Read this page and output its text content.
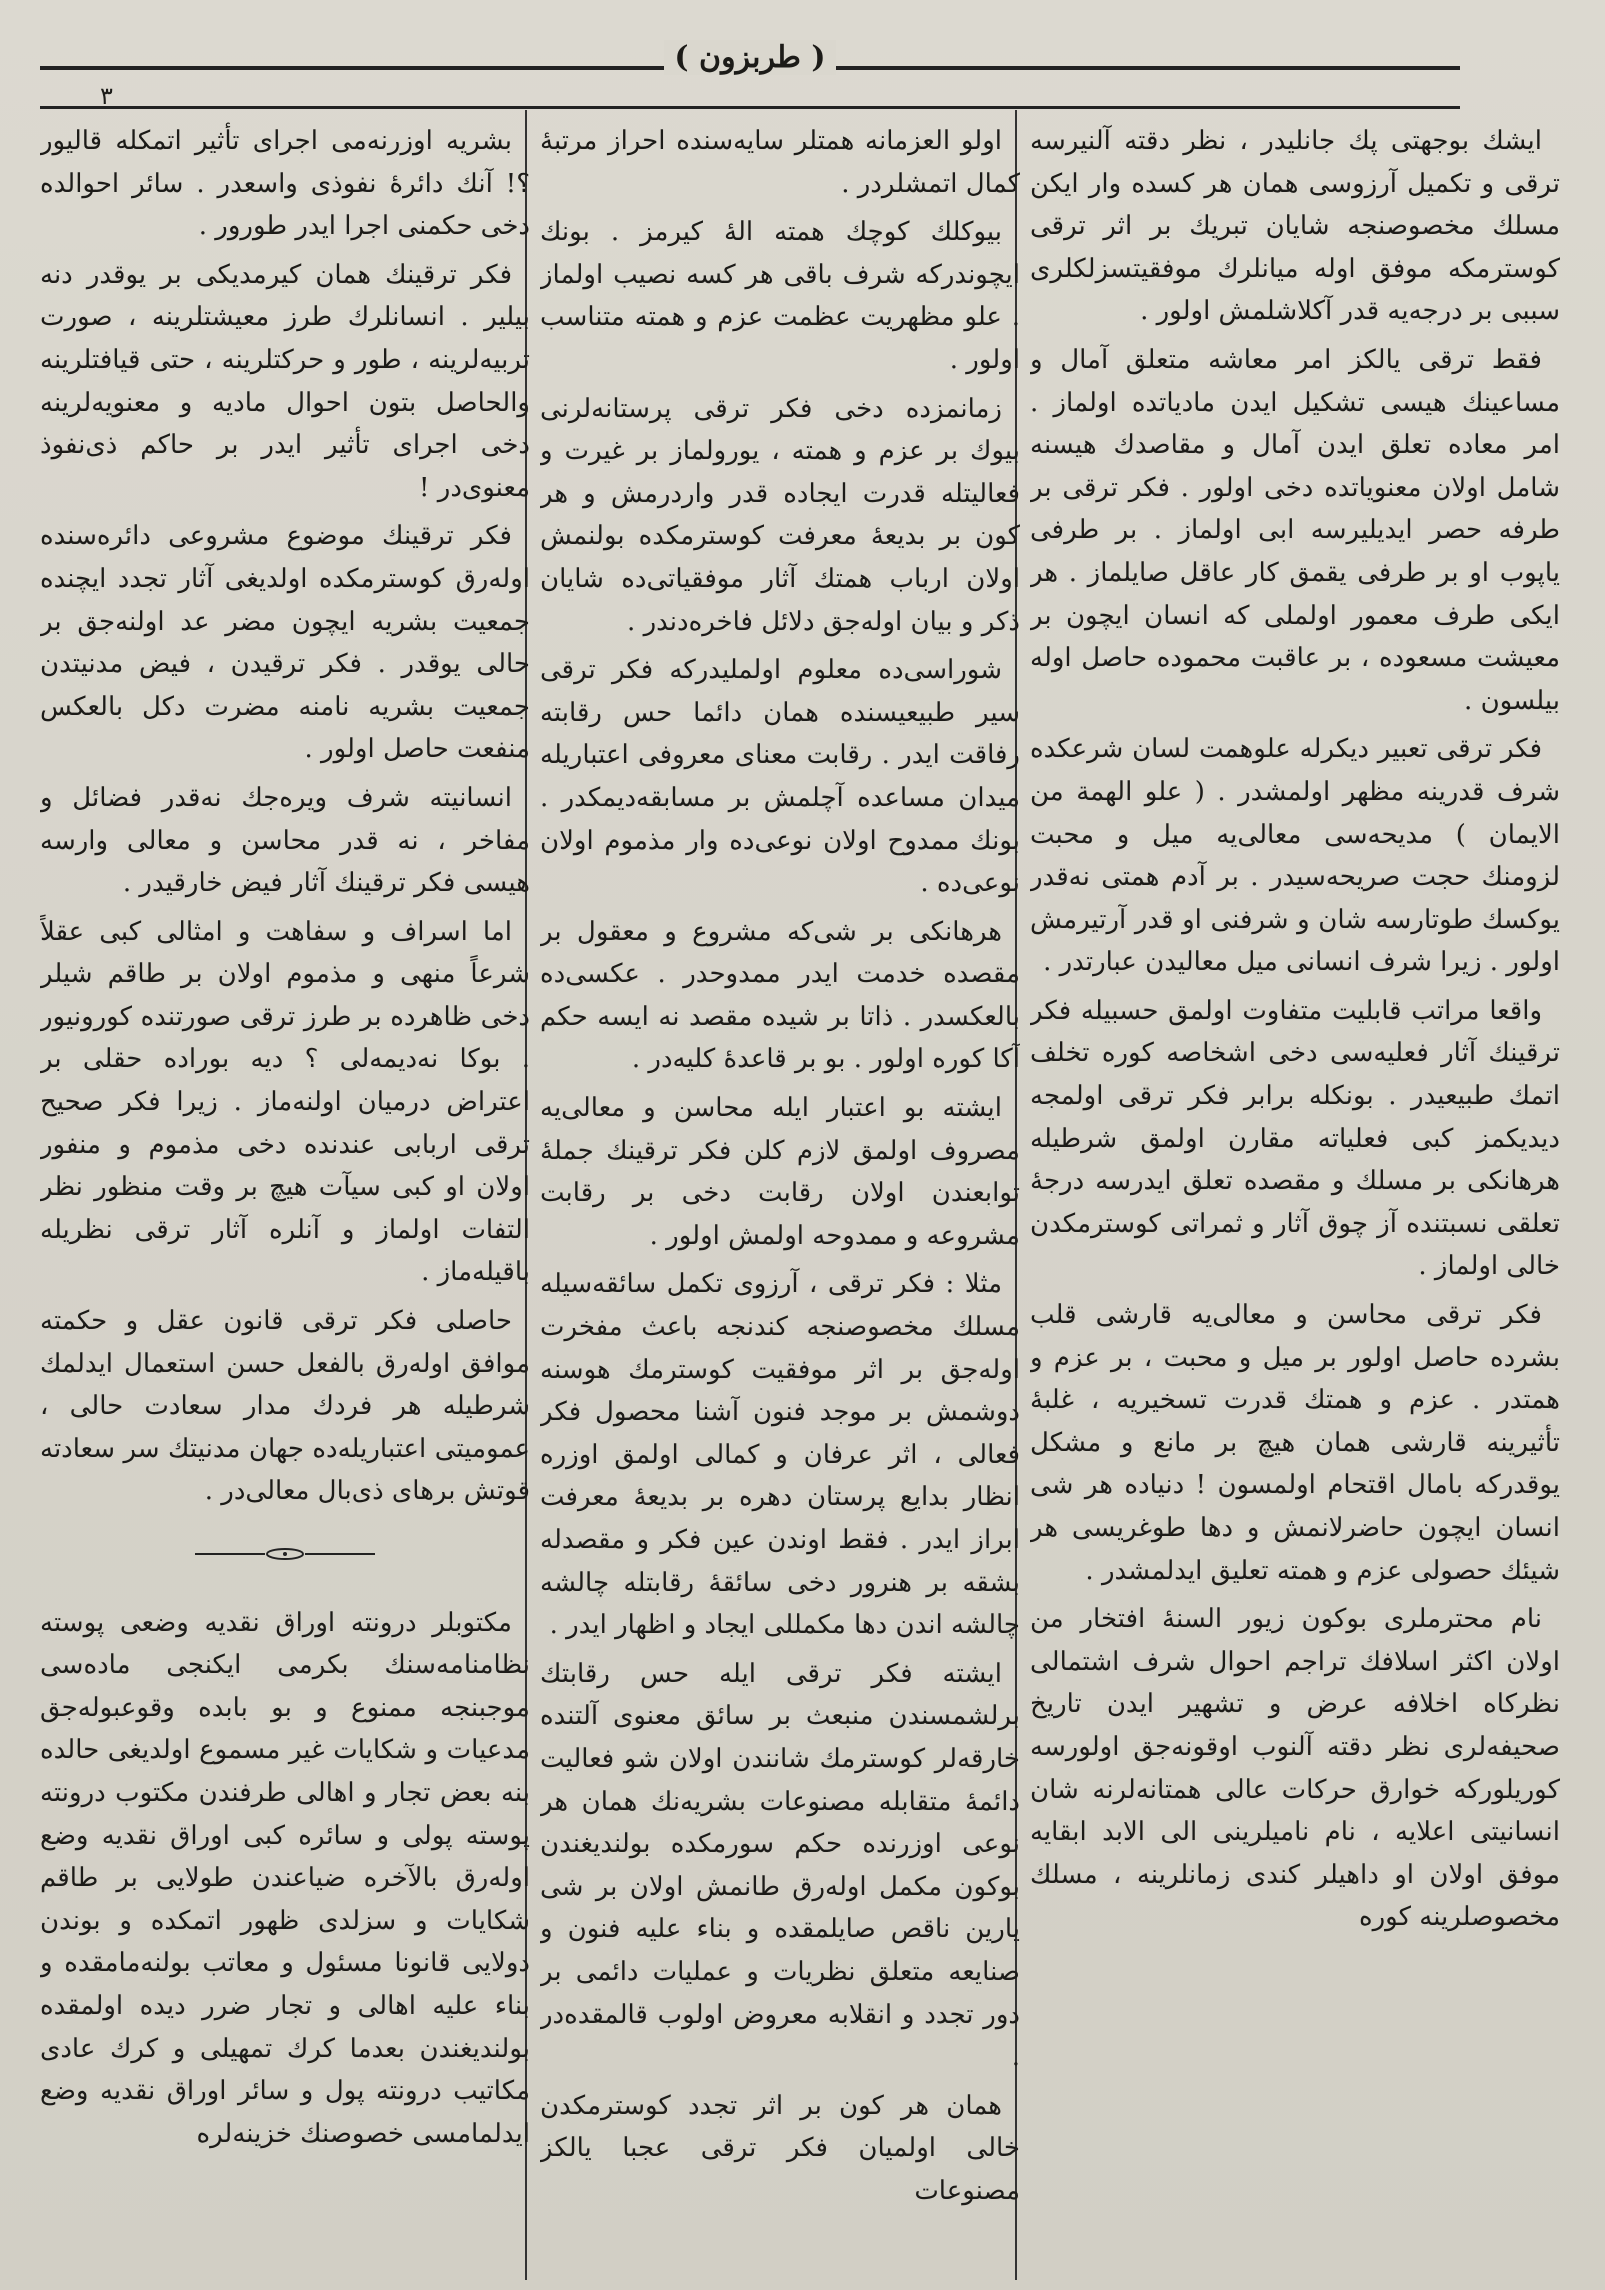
( طربزون )
٣

ایشك بوجهتی پك جانلیدر ، نظر دقته آلنیرسه ترقی و تكمیل آرزوسی همان هر كسده وار ایكن مسلك مخصوصنجه شایان تبریك بر اثر ترقی كوسترمكه موفق اوله میانلرك موفقیتسزلكلری سببی بر درجه‌یه قدر آكلاشلمش اولور .

فقط ترقی یالكز امر معاشه متعلق آمال و مساعینك هیسی تشكیل ایدن مادیاتده اولماز . امر معاده تعلق ایدن آمال و مقاصدك هیسنه شامل اولان معنویاتده دخی اولور . فكر ترقی بر طرفه حصر ایدیلیرسه ابی اولماز . بر طرفی یاپوب او بر طرفی یقمق كار عاقل صایلماز . هر ایكی طرف معمور اولملی كه انسان ایچون بر معیشت مسعوده ، بر عاقبت محموده حاصل اوله بیلسون .

فكر ترقی تعبیر دیكرله علوهمت لسان شرعكده شرف قدرینه مظهر اولمشدر . ( علو الهمة من الایمان ) مدیحه‌سی معالی‌یه میل و محبت لزومنك حجت صریحه‌سیدر . بر آدم همتی نه‌قدر یوكسك طوتارسه شان و شرفنی او قدر آرتیرمش اولور . زیرا شرف انسانی میل معالیدن عبارتدر .

واقعا مراتب قابلیت متفاوت اولمق حسبیله فكر ترقینك آثار فعلیه‌سی دخی اشخاصه كوره تخلف اتمك طبیعیدر . بونكله برابر فكر ترقی اولمجه دیدیكمز كبی فعلیاته مقارن اولمق شرطیله هرهانكی بر مسلك و مقصده تعلق ایدرسه درجهٔ تعلقی نسبتنده آز چوق آثار و ثمراتی كوسترمكدن خالی اولماز .

فكر ترقی محاسن و معالی‌یه قارشی قلب بشرده حاصل اولور بر میل و محبت ، بر عزم و همتدر . عزم و همتك قدرت تسخیریه ، غلبهٔ تأثیرینه قارشی همان هیچ بر مانع و مشكل یوقدركه بامال اقتحام اولمسون ! دنیاده هر شی انسان ایچون حاضرلانمش و دها طوغریسی هر شیئك حصولی عزم و همته تعلیق ایدلمشدر .

نام محترملری بوكون زیور السنهٔ افتخار من اولان اكثر اسلافك تراجم احوال شرف اشتمالی نظركاه اخلافه عرض و تشهیر ایدن تاریخ صحیفه‌لری نظر دقته آلنوب اوقونه‌جق اولورسه كوریلوركه خوارق حركات عالی همتانه‌لرنه شان انسانیتی اعلایه ، نام نامیلرینی الی الابد ابقایه موفق اولان او داهیلر كندی زمانلرینه ، مسلك مخصوصلرینه كوره

اولو العزمانه همتلر سایه‌سنده احراز مرتبهٔ كمال اتمشلردر .

بیوكلك كوچك همته الهٔ كیرمز . بونك ایچوندركه شرف باقی هر كسه نصیب اولماز . علو مظهریت عظمت عزم و همته متناسب اولور .

زمانمزده دخی فكر ترقی پرستانه‌لرنی بیوك بر عزم و همته ، یورولماز بر غیرت و فعالیتله قدرت ایجاده قدر واردرمش و هر كون بر بدیعهٔ معرفت كوسترمكده بولنمش اولان ارباب همتك آثار موفقیاتی‌ده شایان ذكر و بیان اوله‌جق دلائل فاخره‌دندر .

شورا‌سی‌ده معلوم اولملیدركه فكر ترقی سیر طبیعیسنده همان دائما حس رقابته رفاقت ایدر . رقابت معنای معروفی اعتباریله میدان مساعده آچلمش بر مسابقه‌دیمكدر . بونك ممدوح اولان نوعی‌ده وار مذموم اولان نوعی‌ده .

هرهانكی بر شی‌كه مشروع و معقول بر مقصده خدمت ایدر ممدوحدر . عكسی‌ده بالعكسدر . ذاتا بر شیده مقصد نه ایسه حكم آكا كوره اولور . بو بر قاعدهٔ كلیه‌در .

ایشته بو اعتبار ایله محاسن و معالی‌یه مصروف اولمق لازم كلن فكر ترقینك جملهٔ توابعندن اولان رقابت دخی بر رقابت مشروعه و ممدوحه اولمش اولور .

مثلا : فكر ترقی ، آرزوی تكمل سائقه‌سیله مسلك مخصوصنجه كندنجه باعث مفخرت اوله‌جق بر اثر موفقیت كوسترمك هوسنه دوشمش بر موجد فنون آشنا محصول فكر فعالی ، اثر عرفان و كمالی اولمق اوزره انظار بدایع پرستان دهره بر بدیعهٔ معرفت ابراز ایدر . فقط اوندن عین فكر و مقصدله بشقه بر هنرور دخی سائقهٔ رقابتله چالشه چالشه اندن دها مكمللی ایجاد و اظهار ایدر .

ایشته فكر ترقی ایله حس رقابتك برلشمسندن منبعث بر سائق معنوی آلتنده خارقه‌لر كوسترمك شانندن اولان شو فعالیت دائمهٔ متقابله مصنوعات بشریه‌نك همان هر نوعی اوزرنده حكم سورمكده بولندیغندن بوكون مكمل اوله‌رق طانمش اولان بر شی یارین ناقص صایلمقده و بناء علیه فنون و صنایعه متعلق نظریات و عملیات دائمی بر دور تجدد و انقلابه معروض اولوب قالمقده‌در .

همان هر كون بر اثر تجدد كوسترمكدن خالی اولمیان فكر ترقی عجبا یالكز مصنوعات

بشریه اوزرنه‌می اجرای تأثیر اتمكله قالیور ؟! آنك دائرهٔ نفوذی واسعدر . سائر احوالده دخی حكمنی اجرا ایدر طورور .

فكر ترقینك همان كیرمدیكی بر یوقدر دنه بیلیر . انسانلرك طرز معیشتلرینه ، صورت تربیه‌لرینه ، طور و حركتلرینه ، حتی قیافتلرینه والحاصل بتون احوال مادیه و معنویه‌لرینه دخی اجرای تأثیر ایدر بر حاكم ذی‌نفوذ معنوی‌در !

فكر ترقینك موضوع مشروعی دائره‌سنده اوله‌رق كوسترمكده اولدیغی آثار تجدد ایچنده جمعیت بشریه ایچون مضر عد اولنه‌جق بر حالی یوقدر . فكر ترقیدن ، فیض مدنیتدن جمعیت بشریه نامنه مضرت دكل بالعكس منفعت حاصل اولور .

انسانیته شرف ویره‌جك نه‌قدر فضائل و مفاخر ، نه قدر محاسن و معالی وارسه هیسی فكر ترقینك آثار فیض خارقیدر .

اما اسراف و سفاهت و امثالی كبی عقلاً شرعاً منهی و مذموم اولان بر طاقم شیلر دخی ظاهرده بر طرز ترقی صورتنده كورونیور . بوكا نه‌دیمه‌لی ؟ دیه بوراده حقلی بر اعتراض درمیان اولنه‌ماز . زیرا فكر صحیح ترقی اربابی عندنده دخی مذموم و منفور اولان او كبی سیآت هیچ بر وقت منظور نظر التفات اولماز و آنلره آثار ترقی نظریله باقیله‌ماز .

حاصلی فكر ترقی قانون عقل و حكمته موافق اوله‌رق بالفعل حسن استعمال ایدلمك شرطیله هر فردك مدار سعادت حالی ، عمومیتی اعتباریله‌ده جهان مدنیتك سر سعادته قوتش برهای ذی‌بال معالی‌در .

مكتوبلر درونته اوراق نقدیه وضعی پوسته نظامنامه‌سنك بكرمی ایكنجی ماده‌سی موجبنجه ممنوع و بو بابده وقوعبوله‌جق مدعیات و شكایات غیر مسموع اولدیغی حالده بنه بعض تجار و اهالی طرفندن مكتوب درونته پوسته پولی و سائره كبی اوراق نقدیه وضع اوله‌رق بالآخره ضیاعندن طولایی بر طاقم شكایات و سزلدی ظهور اتمكده و بوندن دولایی قانونا مسئول و معاتب بولنه‌مامقده و بناء علیه اهالی و تجار ضرر دیده اولمقده بولندیغندن بعدما كرك تمهیلی و كرك عادی مكاتیب درونته پول و سائر اوراق نقدیه وضع ایدلمامسی خصوصنك خزینه‌لره
